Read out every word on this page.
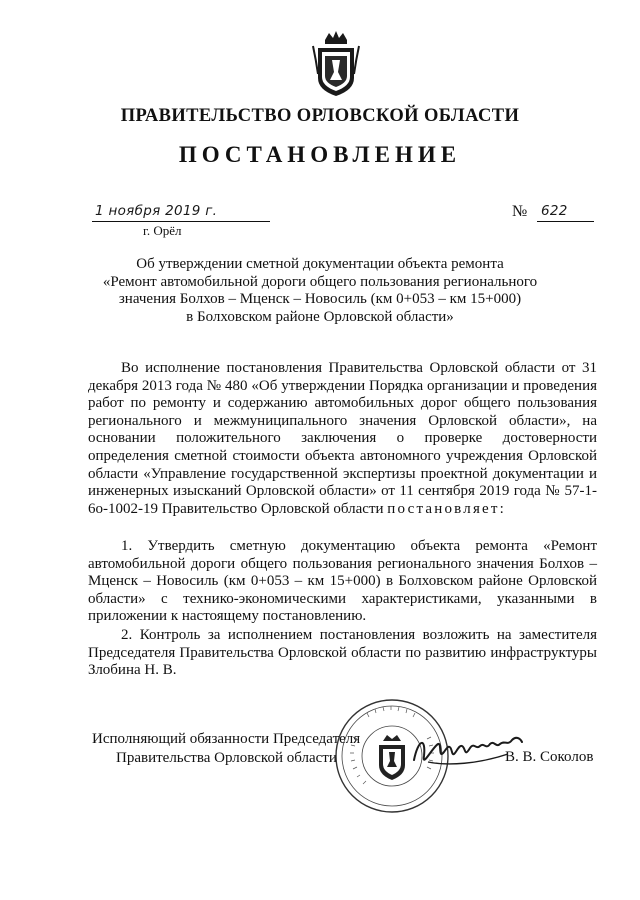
ПРАВИТЕЛЬСТВО ОРЛОВСКОЙ ОБЛАСТИ
ПОСТАНОВЛЕНИЕ
1 ноября 2019 г.
г. Орёл
№ 622
Об утверждении сметной документации объекта ремонта
«Ремонт автомобильной дороги общего пользования регионального
значения Болхов – Мценск – Новосиль (км 0+053 – км 15+000)
в Болховском районе Орловской области»
Во исполнение постановления Правительства Орловской области от 31 декабря 2013 года № 480 «Об утверждении Порядка организации и проведения работ по ремонту и содержанию автомобильных дорог общего пользования регионального и межмуниципального значения Орловской области», на основании положительного заключения о проверке достоверности определения сметной стоимости объекта автономного учреждения Орловской области «Управление государственной экспертизы проектной документации и инженерных изысканий Орловской области» от 11 сентября 2019 года № 57-1-6о-1002-19 Правительство Орловской области постановляет:
1. Утвердить сметную документацию объекта ремонта «Ремонт автомобильной дороги общего пользования регионального значения Болхов – Мценск – Новосиль (км 0+053 – км 15+000) в Болховском районе Орловской области» с технико-экономическими характеристиками, указанными в приложении к настоящему постановлению.
2. Контроль за исполнением постановления возложить на заместителя Председателя Правительства Орловской области по развитию инфраструктуры Злобина Н. В.
Исполняющий обязанности Председателя
Правительства Орловской области	В. В. Соколов
